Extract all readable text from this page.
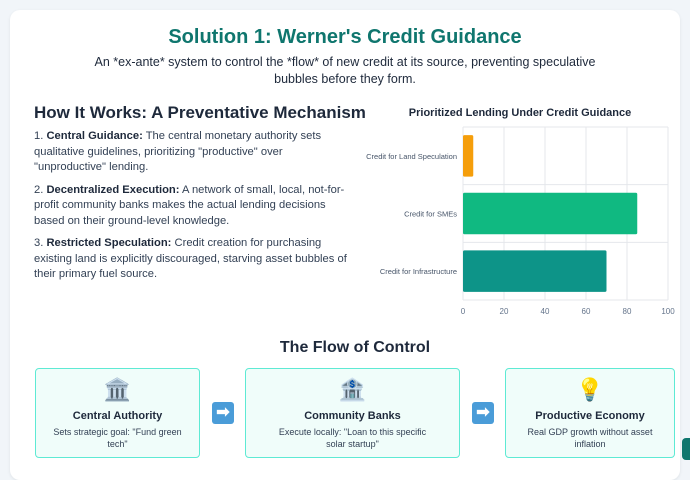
Solution 1: Werner's Credit Guidance
An *ex-ante* system to control the *flow* of new credit at its source, preventing speculative bubbles before they form.
How It Works: A Preventative Mechanism

1. Central Guidance: The central monetary authority sets qualitative guidelines, prioritizing "productive" over "unproductive" lending.

2. Decentralized Execution: A network of small, local, not-for-profit community banks makes the actual lending decisions based on their ground-level knowledge.

3. Restricted Speculation: Credit creation for purchasing existing land is explicitly discouraged, starving asset bubbles of their primary fuel source.

Prioritized Lending Under Credit Guidance
Credit for Land Speculation
Credit for SMEs
Credit for Infrastructure
0	20	40	60	80	100
The Flow of Control
🏛️
Central Authority
Sets strategic goal: "Fund green tech"
➡
🏦
Community Banks
Execute locally: "Loan to this specific solar startup"
➡
💡
Productive Economy
Real GDP growth without asset inflation
